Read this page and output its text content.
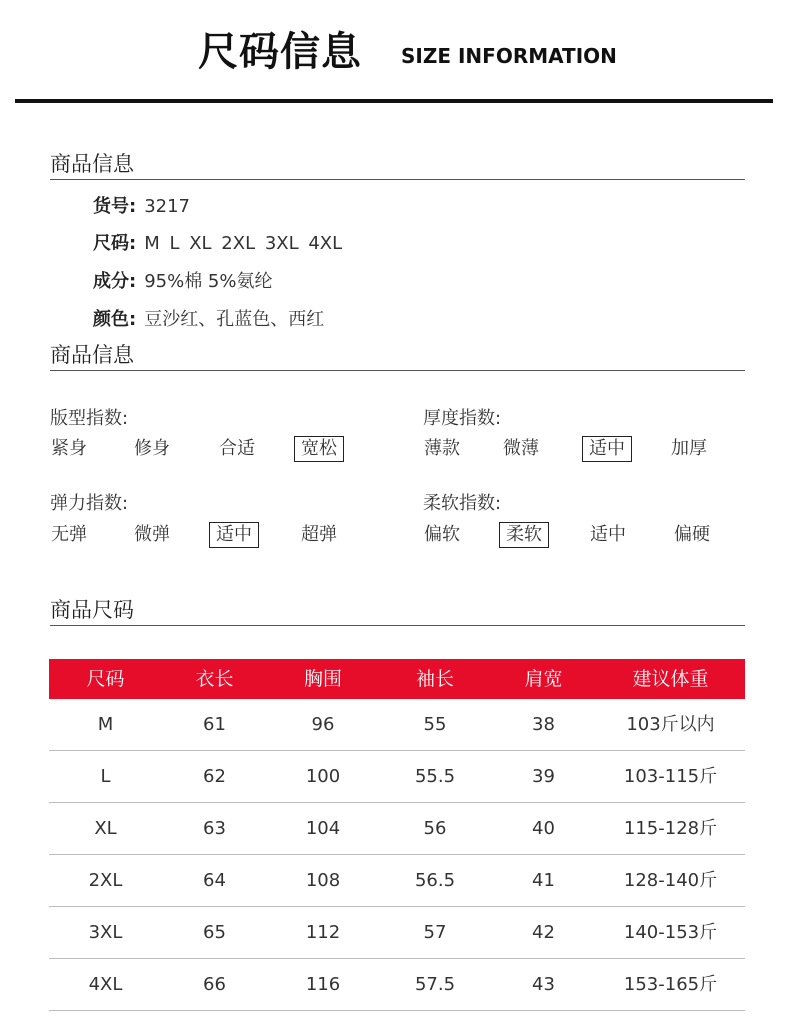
尺码信息 SIZE INFORMATION
商品信息
货号: 3217
尺码: M L XL 2XL 3XL 4XL
成分: 95%棉 5%氨纶
颜色: 豆沙红、孔蓝色、西红
商品信息
版型指数:
紧身	修身	合适	宽松
厚度指数:
薄款	微薄	适中	加厚
弹力指数:
无弹	微弹	适中	超弹
柔软指数:
偏软	柔软	适中	偏硬
商品尺码
尺码	衣长	胸围	袖长	肩宽	建议体重
M	61	96	55	38	103斤以内
L	62	100	55.5	39	103-115斤
XL	63	104	56	40	115-128斤
2XL	64	108	56.5	41	128-140斤
3XL	65	112	57	42	140-153斤
4XL	66	116	57.5	43	153-165斤
